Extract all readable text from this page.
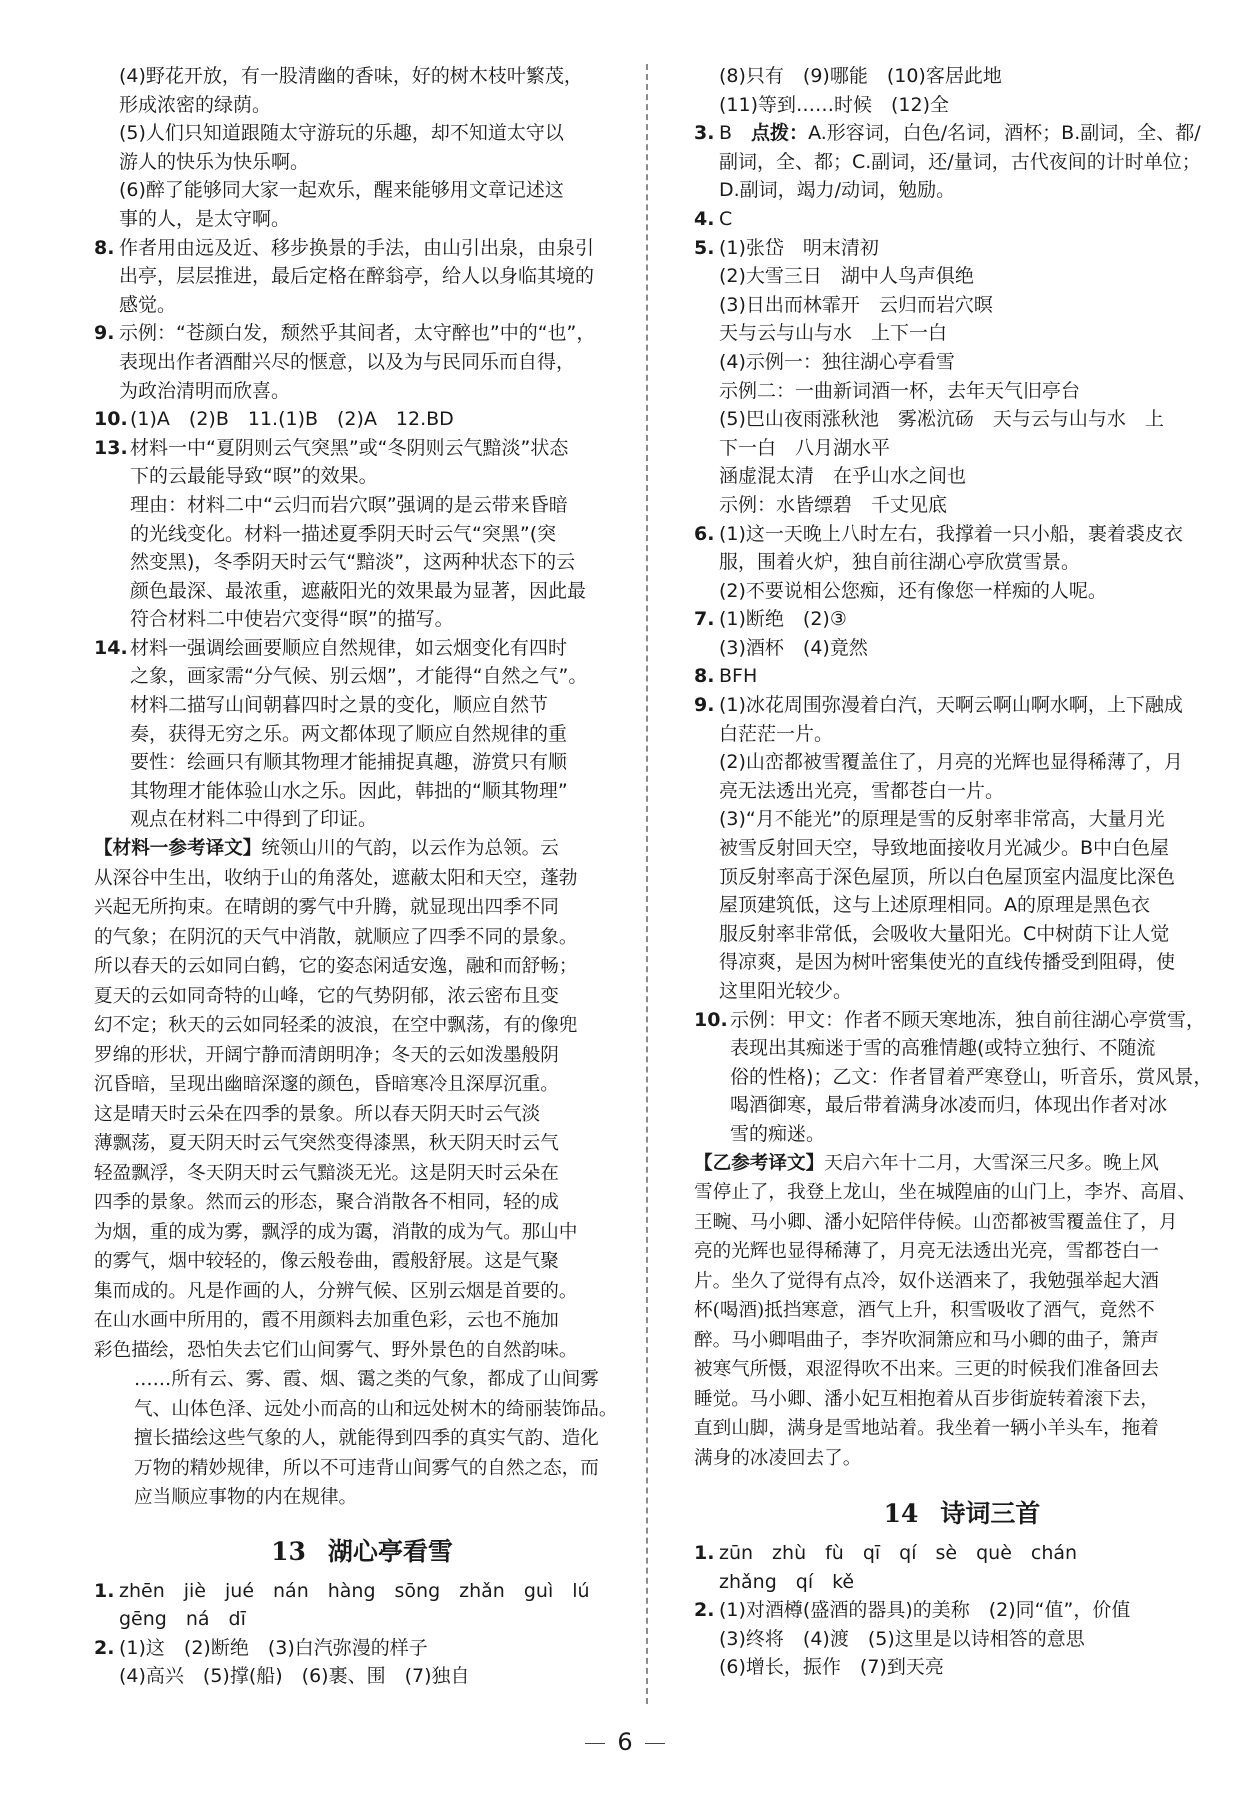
(4)野花开放，有一股清幽的香味，好的树木枝叶繁茂，
形成浓密的绿荫。
(5)人们只知道跟随太守游玩的乐趣，却不知道太守以
游人的快乐为快乐啊。
(6)醉了能够同大家一起欢乐，醒来能够用文章记述这
事的人，是太守啊。
8. 作者用由远及近、移步换景的手法，由山引出泉，由泉引
出亭，层层推进，最后定格在醉翁亭，给人以身临其境的
感觉。
9. 示例：“苍颜白发，颓然乎其间者，太守醉也”中的“也”，
表现出作者酒酣兴尽的惬意，以及为与民同乐而自得，
为政治清明而欣喜。
10. (1)A　(2)B　11.(1)B　(2)A　12.BD
13. 材料一中“夏阴则云气突黑”或“冬阴则云气黯淡”状态
下的云最能导致“暝”的效果。
理由：材料二中“云归而岩穴暝”强调的是云带来昏暗
的光线变化。材料一描述夏季阴天时云气“突黑”(突
然变黑)，冬季阴天时云气“黯淡”，这两种状态下的云
颜色最深、最浓重，遮蔽阳光的效果最为显著，因此最
符合材料二中使岩穴变得“暝”的描写。
14. 材料一强调绘画要顺应自然规律，如云烟变化有四时
之象，画家需“分气候、别云烟”，才能得“自然之气”。
材料二描写山间朝暮四时之景的变化，顺应自然节
奏，获得无穷之乐。两文都体现了顺应自然规律的重
要性：绘画只有顺其物理才能捕捉真趣，游赏只有顺
其物理才能体验山水之乐。因此，韩拙的“顺其物理”
观点在材料二中得到了印证。
【材料一参考译文】统领山川的气韵，以云作为总领。云
从深谷中生出，收纳于山的角落处，遮蔽太阳和天空，蓬勃
兴起无所拘束。在晴朗的雾气中升腾，就显现出四季不同
的气象；在阴沉的天气中消散，就顺应了四季不同的景象。
所以春天的云如同白鹤，它的姿态闲适安逸，融和而舒畅；
夏天的云如同奇特的山峰，它的气势阴郁，浓云密布且变
幻不定；秋天的云如同轻柔的波浪，在空中飘荡，有的像兜
罗绵的形状，开阔宁静而清朗明净；冬天的云如泼墨般阴
沉昏暗，呈现出幽暗深邃的颜色，昏暗寒冷且深厚沉重。
这是晴天时云朵在四季的景象。所以春天阴天时云气淡
薄飘荡，夏天阴天时云气突然变得漆黑，秋天阴天时云气
轻盈飘浮，冬天阴天时云气黯淡无光。这是阴天时云朵在
四季的景象。然而云的形态，聚合消散各不相同，轻的成
为烟，重的成为雾，飘浮的成为霭，消散的成为气。那山中
的雾气，烟中较轻的，像云般卷曲，霞般舒展。这是气聚
集而成的。凡是作画的人，分辨气候、区别云烟是首要的。
在山水画中所用的，霞不用颜料去加重色彩，云也不施加
彩色描绘，恐怕失去它们山间雾气、野外景色的自然韵味。
……所有云、雾、霞、烟、霭之类的气象，都成了山间雾
气、山体色泽、远处小而高的山和远处树木的绮丽装饰品。
擅长描绘这些气象的人，就能得到四季的真实气韵、造化
万物的精妙规律，所以不可违背山间雾气的自然之态，而
应当顺应事物的内在规律。
13 湖心亭看雪
1. zhēn　jiè　jué　nán　hàng　sōng　zhǎn　guì　lú
gēng　ná　dī
2. (1)这　(2)断绝　(3)白汽弥漫的样子
(4)高兴　(5)撑(船)　(6)裹、围　(7)独自
(8)只有　(9)哪能　(10)客居此地
(11)等到……时候　(12)全
3. B　点拨：A.形容词，白色/名词，酒杯；B.副词，全、都/
副词，全、都；C.副词，还/量词，古代夜间的计时单位；
D.副词，竭力/动词，勉励。
4. C
5. (1)张岱　明末清初
(2)大雪三日　湖中人鸟声俱绝
(3)日出而林霏开　云归而岩穴暝
天与云与山与水　上下一白
(4)示例一：独往湖心亭看雪
示例二：一曲新词酒一杯，去年天气旧亭台
(5)巴山夜雨涨秋池　雾凇沆砀　天与云与山与水　上
下一白　八月湖水平
涵虚混太清　在乎山水之间也
示例：水皆缥碧　千丈见底
6. (1)这一天晚上八时左右，我撑着一只小船，裹着裘皮衣
服，围着火炉，独自前往湖心亭欣赏雪景。
(2)不要说相公您痴，还有像您一样痴的人呢。
7. (1)断绝　(2)③
(3)酒杯　(4)竟然
8. BFH
9. (1)冰花周围弥漫着白汽，天啊云啊山啊水啊，上下融成
白茫茫一片。
(2)山峦都被雪覆盖住了，月亮的光辉也显得稀薄了，月
亮无法透出光亮，雪都苍白一片。
(3)“月不能光”的原理是雪的反射率非常高，大量月光
被雪反射回天空，导致地面接收月光减少。B中白色屋
顶反射率高于深色屋顶，所以白色屋顶室内温度比深色
屋顶建筑低，这与上述原理相同。A的原理是黑色衣
服反射率非常低，会吸收大量阳光。C中树荫下让人觉
得凉爽，是因为树叶密集使光的直线传播受到阻碍，使
这里阳光较少。
10. 示例：甲文：作者不顾天寒地冻，独自前往湖心亭赏雪，
表现出其痴迷于雪的高雅情趣(或特立独行、不随流
俗的性格)；乙文：作者冒着严寒登山，听音乐，赏风景，
喝酒御寒，最后带着满身冰凌而归，体现出作者对冰
雪的痴迷。
【乙参考译文】天启六年十二月，大雪深三尺多。晚上风
雪停止了，我登上龙山，坐在城隍庙的山门上，李岕、高眉、
王畹、马小卿、潘小妃陪伴侍候。山峦都被雪覆盖住了，月
亮的光辉也显得稀薄了，月亮无法透出光亮，雪都苍白一
片。坐久了觉得有点冷，奴仆送酒来了，我勉强举起大酒
杯(喝酒)抵挡寒意，酒气上升，积雪吸收了酒气，竟然不
醉。马小卿唱曲子，李岕吹洞箫应和马小卿的曲子，箫声
被寒气所慑，艰涩得吹不出来。三更的时候我们准备回去
睡觉。马小卿、潘小妃互相抱着从百步街旋转着滚下去，
直到山脚，满身是雪地站着。我坐着一辆小羊头车，拖着
满身的冰凌回去了。
14 诗词三首
1. zūn　zhù　fù　qī　qí　sè　què　chán
zhǎng　qí　kě
2. (1)对酒樽(盛酒的器具)的美称　(2)同“值”，价值
(3)终将　(4)渡　(5)这里是以诗相答的意思
(6)增长，振作　(7)到天亮
6
